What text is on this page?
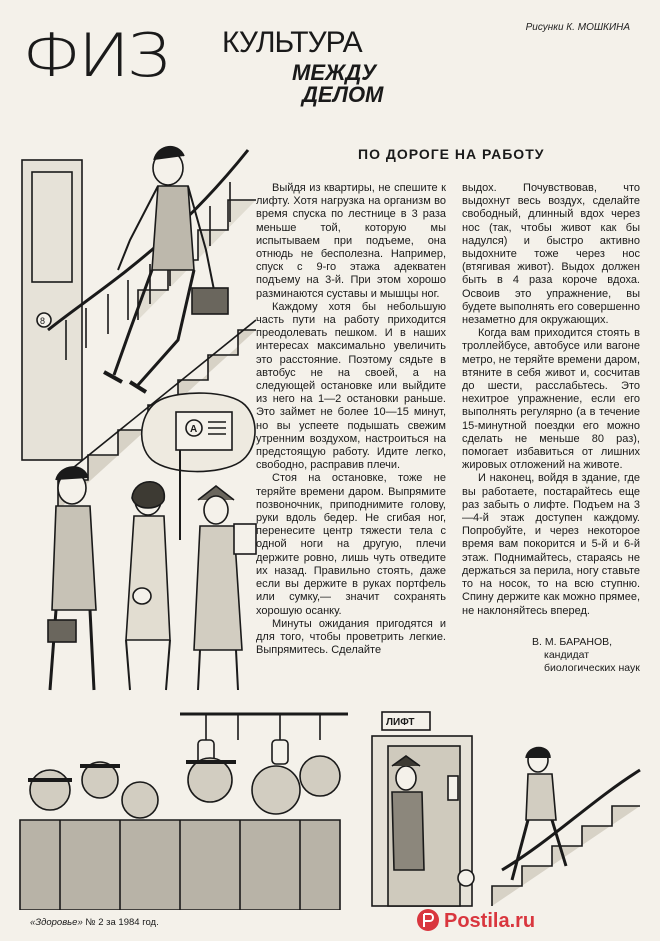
Рисунки К. МОШКИНА
ФИЗ КУЛЬТУРА
МЕЖДУ
ДЕЛОМ
8
А
ЛИФТ
ПО ДОРОГЕ НА РАБОТУ

Выйдя из квартиры, не спешите к лифту. Хотя нагрузка на организм во время спуска по лестнице в 3 раза меньше той, которую мы испытываем при подъеме, она отнюдь не бесполезна. Например, спуск с 9-го этажа адекватен подъему на 3-й. При этом хорошо разминаются суставы и мышцы ног.

Каждому хотя бы небольшую часть пути на работу приходится преодолевать пешком. И в наших интересах максимально увеличить это расстояние. Поэтому сядьте в автобус не на своей, а на следующей остановке или выйдите из него на 1—2 остановки раньше. Это займет не более 10—15 минут, но вы успеете подышать свежим утренним воздухом, настроиться на предстоящую работу. Идите легко, свободно, расправив плечи.

Стоя на остановке, тоже не теряйте времени даром. Выпрямите позвоночник, приподнимите голову, руки вдоль бедер. Не сгибая ног, перенесите центр тяжести тела с одной ноги на другую, плечи держите ровно, лишь чуть отведите их назад. Правильно стоять, даже если вы держите в руках портфель или сумку,— значит сохранять хорошую осанку.

Минуты ожидания пригодятся и для того, чтобы проветрить легкие. Выпрямитесь. Сделайте

выдох. Почувствовав, что выдохнут весь воздух, сделайте свободный, длинный вдох через нос (так, чтобы живот как бы надулся) и быстро активно выдохните тоже через нос (втягивая живот). Выдох должен быть в 4 раза короче вдоха. Освоив это упражнение, вы будете выполнять его совершенно незаметно для окружающих.

Когда вам приходится стоять в троллейбусе, автобусе или вагоне метро, не теряйте времени даром, втяните в себя живот и, сосчитав до шести, расслабьтесь. Это нехитрое упражнение, если его выполнять регулярно (а в течение 15-минутной поездки его можно сделать не меньше 80 раз), помогает избавиться от лишних жировых отложений на животе.

И наконец, войдя в здание, где вы работаете, постарайтесь еще раз забыть о лифте. Подъем на 3—4-й этаж доступен каждому. Попробуйте, и через некоторое время вам покорится и 5-й и 6-й этаж. Поднимайтесь, стараясь не держаться за перила, ногу ставьте то на носок, то на всю ступню. Спину держите как можно прямее, не наклоняйтесь вперед.

В. М. БАРАНОВ,
кандидат
биологических наук
«Здоровье» № 2 за 1984 год.	Postila.ru
